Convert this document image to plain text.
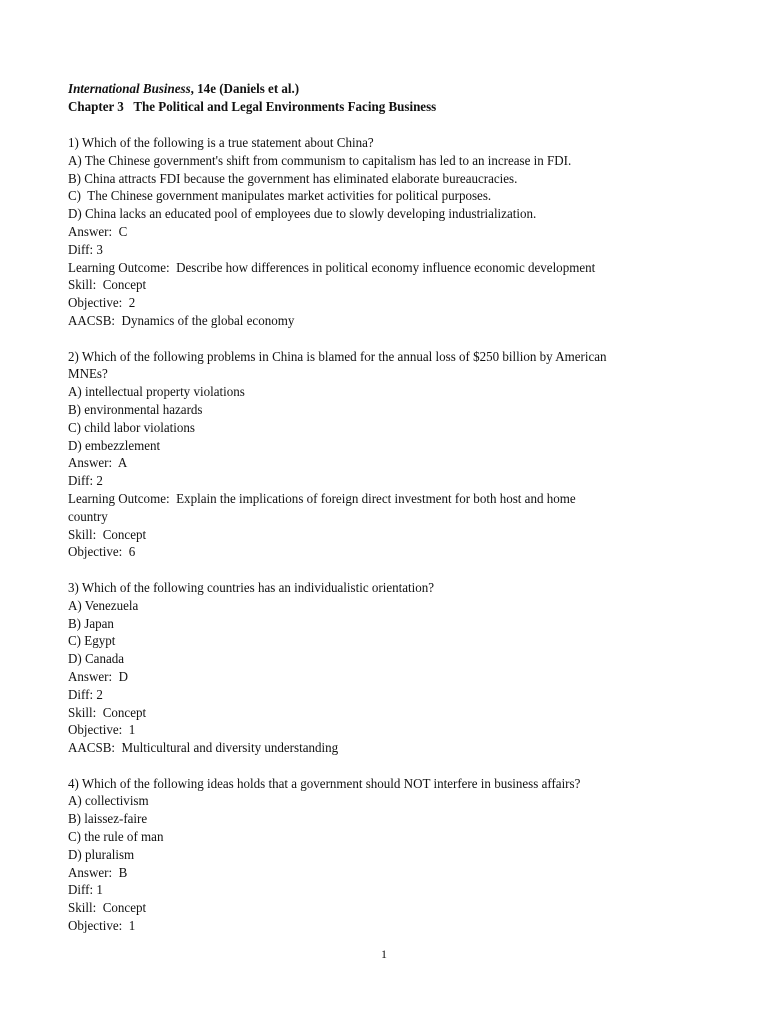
International Business, 14e (Daniels et al.)
Chapter 3   The Political and Legal Environments Facing Business
1) Which of the following is a true statement about China?
A) The Chinese government's shift from communism to capitalism has led to an increase in FDI.
B) China attracts FDI because the government has eliminated elaborate bureaucracies.
C)  The Chinese government manipulates market activities for political purposes.
D) China lacks an educated pool of employees due to slowly developing industrialization.
Answer:  C
Diff: 3
Learning Outcome:  Describe how differences in political economy influence economic development
Skill:  Concept
Objective:  2
AACSB:  Dynamics of the global economy
2) Which of the following problems in China is blamed for the annual loss of $250 billion by American
MNEs?
A) intellectual property violations
B) environmental hazards
C) child labor violations
D) embezzlement
Answer:  A
Diff: 2
Learning Outcome:  Explain the implications of foreign direct investment for both host and home
country
Skill:  Concept
Objective:  6
3) Which of the following countries has an individualistic orientation?
A) Venezuela
B) Japan
C) Egypt
D) Canada
Answer:  D
Diff: 2
Skill:  Concept
Objective:  1
AACSB:  Multicultural and diversity understanding
4) Which of the following ideas holds that a government should NOT interfere in business affairs?
A) collectivism
B) laissez-faire
C) the rule of man
D) pluralism
Answer:  B
Diff: 1
Skill:  Concept
Objective:  1
1
